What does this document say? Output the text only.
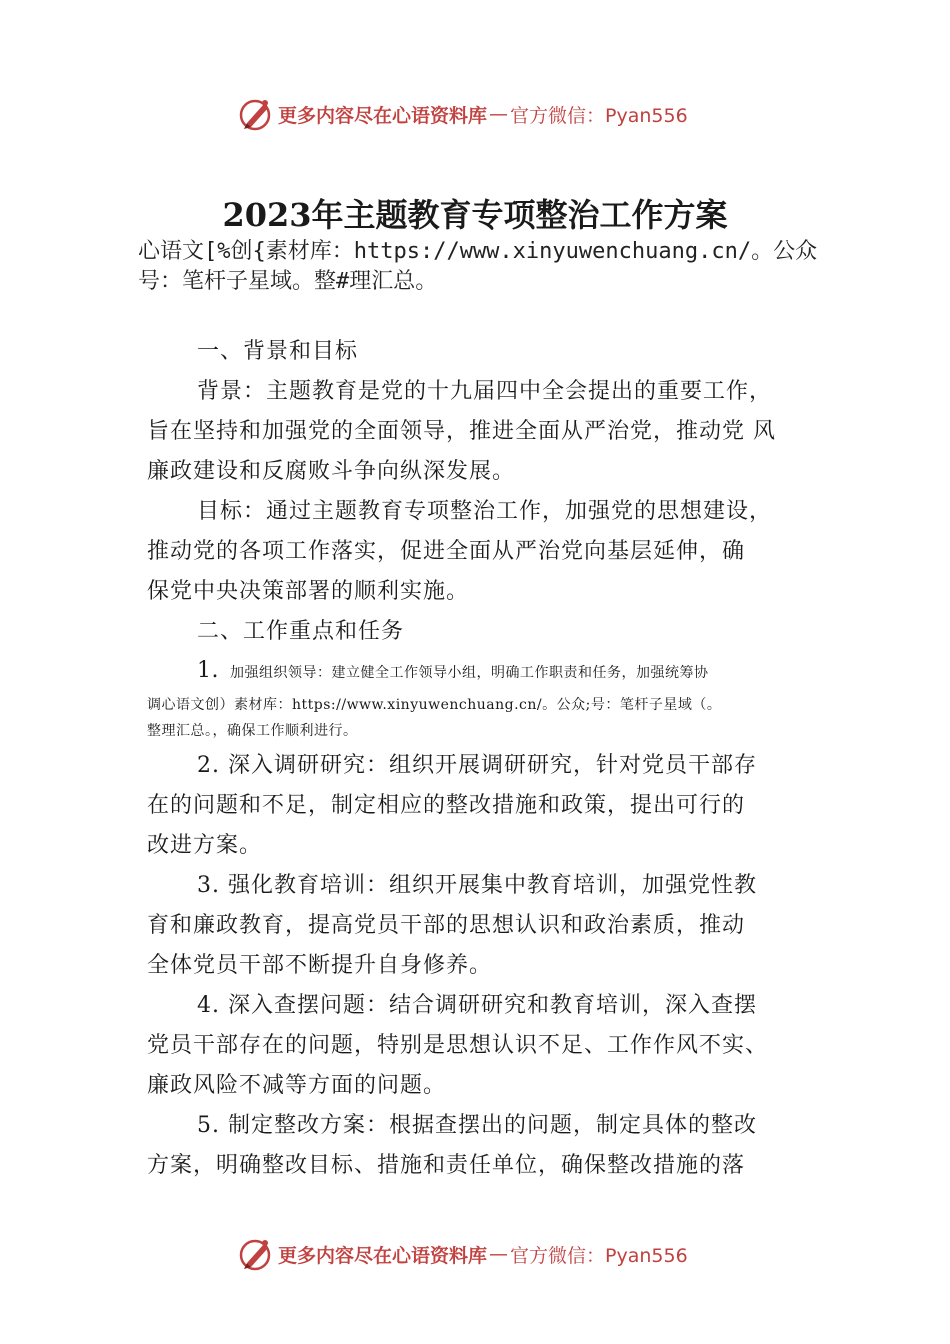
更多内容尽在心语资料库 — 官方微信：Pyan556
2023年主题教育专项整治工作方案
心语文[%创{素材库：https://www.xinyuwenchuang.cn/。公众
号：笔杆子星域。整#理汇总。
一、背景和目标
背景：主题教育是党的十九届四中全会提出的重要工作，
旨在坚持和加强党的全面领导，推进全面从严治党，推动党 风
廉政建设和反腐败斗争向纵深发展。
目标：通过主题教育专项整治工作，加强党的思想建设，
推动党的各项工作落实，促进全面从严治党向基层延伸，确
保党中央决策部署的顺利实施。
二、工作重点和任务
1. 加强组织领导：建立健全工作领导小组，明确工作职责和任务，加强统筹协
调心语文创）素材库：https://www.xinyuwenchuang.cn/。公众;号：笔杆子星域（。
整理汇总。，确保工作顺利进行。
2. 深入调研研究：组织开展调研研究，针对党员干部存
在的问题和不足，制定相应的整改措施和政策，提出可行的
改进方案。
3. 强化教育培训：组织开展集中教育培训，加强党性教
育和廉政教育，提高党员干部的思想认识和政治素质，推动
全体党员干部不断提升自身修养。
4. 深入查摆问题：结合调研研究和教育培训，深入查摆
党员干部存在的问题，特别是思想认识不足、工作作风不实、
廉政风险不减等方面的问题。
5. 制定整改方案：根据查摆出的问题，制定具体的整改
方案，明确整改目标、措施和责任单位，确保整改措施的落
更多内容尽在心语资料库 — 官方微信：Pyan556
